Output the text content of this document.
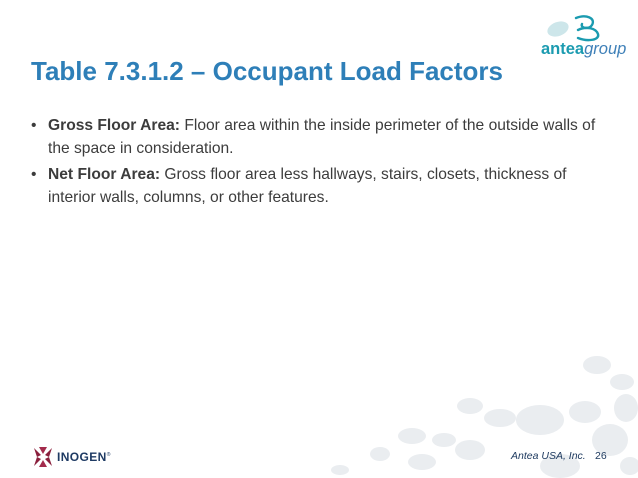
anteagroup
Table 7.3.1.2 – Occupant Load Factors
• Gross Floor Area: Floor area within the inside perimeter of the outside walls of the space in consideration.
• Net Floor Area: Gross floor area less hallways, stairs, closets, thickness of interior walls, columns, or other features.
INOGEN®	Antea USA, Inc. 26
